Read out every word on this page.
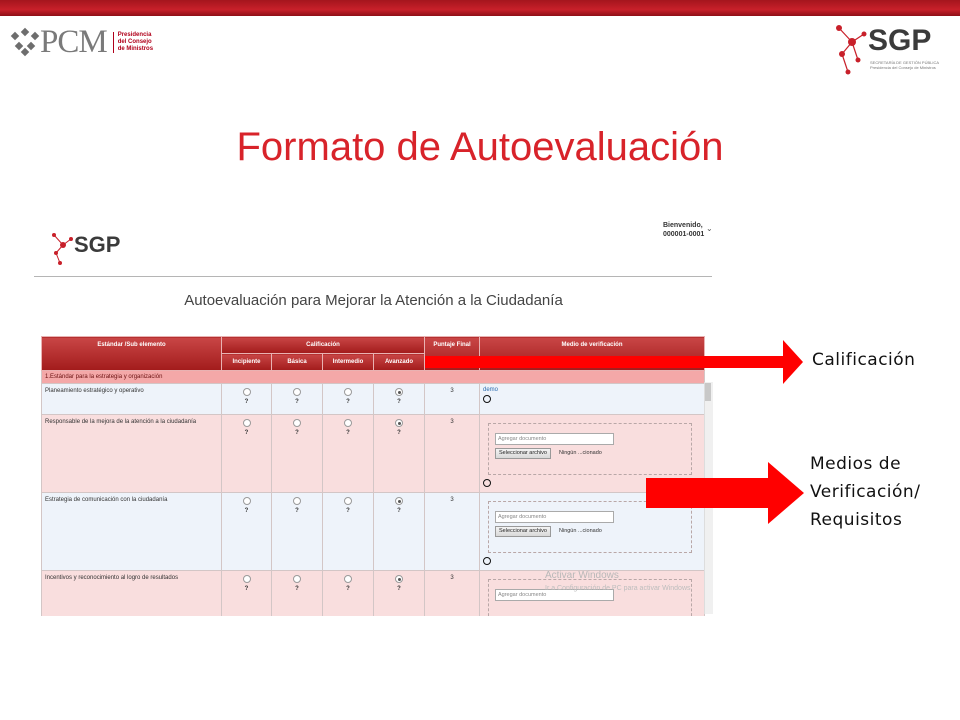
PCM	Presidencia del Consejo de Ministros	SGP
SECRETARÍA DE GESTIÓN PÚBLICA
Presidencia del Consejo de Ministros
Formato de Autoevaluación
SGP
Bienvenido,
000001-0001
⌄
Autoevaluación para Mejorar la Atención a la Ciudadanía
Estándar /Sub elemento	Calificación				Puntaje Final	Medio de verificación
	Incipiente	Básica	Intermedio	Avanzado		
1.Estándar para la estrategia y organización						
Planeamiento estratégico y operativo	?	?	?	?	3	demo

Responsable de la mejora de la atención a la ciudadanía	?	?	?	?	3	Agregar documento
Seleccionar archivo Ningún ...cionado

Estrategia de comunicación con la ciudadanía	?	?	?	?	3	Agregar documento
Seleccionar archivo Ningún ...cionado

Incentivos y reconocimiento al logro de resultados	?	?	?	?	3	Agregar documento
Activar Windows
Ir a Configuración de PC para activar Windows.
Calificación
Medios de
Verificación/
Requisitos
